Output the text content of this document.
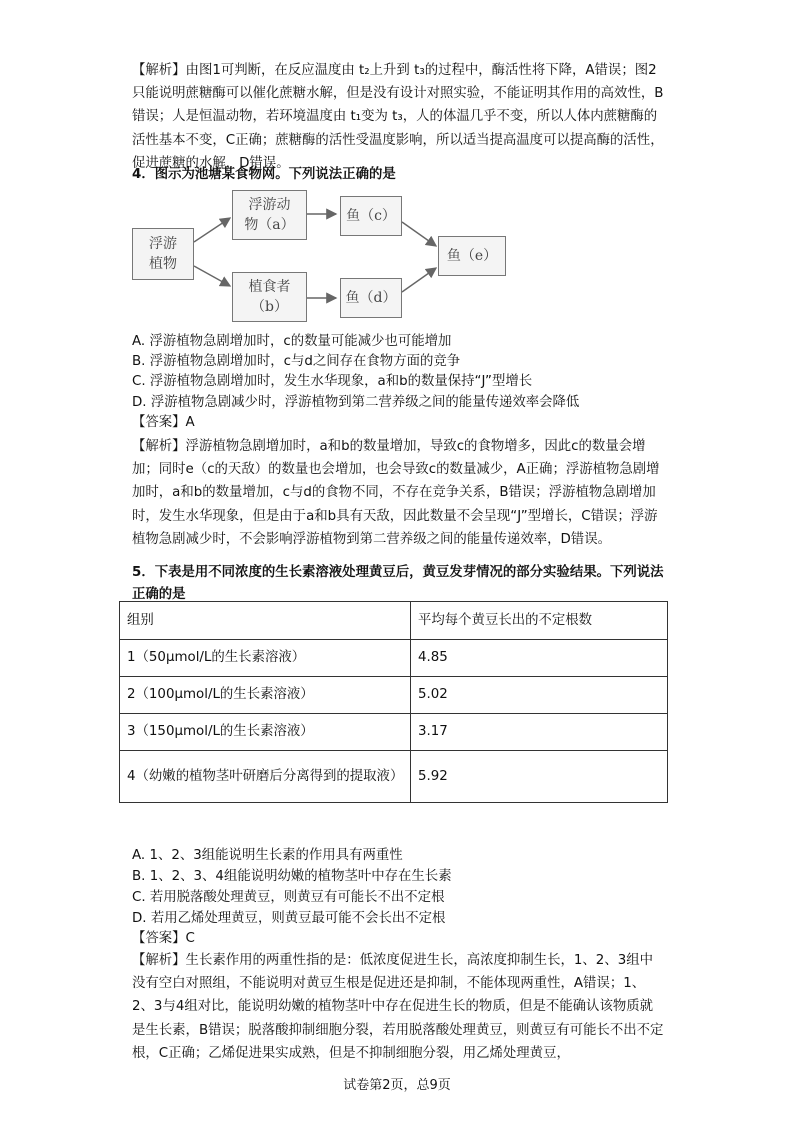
【解析】由图1可判断，在反应温度由 t₂上升到 t₃的过程中，酶活性将下降，A错误；图2只能说明蔗糖酶可以催化蔗糖水解，但是没有设计对照实验，不能证明其作用的高效性，B错误；人是恒温动物，若环境温度由 t₁变为 t₃，人的体温几乎不变，所以人体内蔗糖酶的活性基本不变，C正确；蔗糖酶的活性受温度影响，所以适当提高温度可以提高酶的活性，促进蔗糖的水解，D错误。

4．图示为池塘某食物网。下列说法正确的是
浮游
植物
浮游动
物（a）
植食者
（b）
鱼（c）
鱼（d）
鱼（e）
A. 浮游植物急剧增加时，c的数量可能减少也可能增加
B. 浮游植物急剧增加时，c与d之间存在食物方面的竞争
C. 浮游植物急剧增加时，发生水华现象，a和b的数量保持“J”型增长
D. 浮游植物急剧减少时，浮游植物到第二营养级之间的能量传递效率会降低
【答案】A

【解析】浮游植物急剧增加时，a和b的数量增加，导致c的食物增多，因此c的数量会增加；同时e（c的天敌）的数量也会增加，也会导致c的数量减少，A正确；浮游植物急剧增加时，a和b的数量增加，c与d的食物不同，不存在竞争关系，B错误；浮游植物急剧增加时，发生水华现象，但是由于a和b具有天敌，因此数量不会呈现“J”型增长，C错误；浮游植物急剧减少时，不会影响浮游植物到第二营养级之间的能量传递效率，D错误。

5．下表是用不同浓度的生长素溶液处理黄豆后，黄豆发芽情况的部分实验结果。下列说法正确的是
组别	平均每个黄豆长出的不定根数
1（50μmol/L的生长素溶液）	4.85
2（100μmol/L的生长素溶液）	5.02
3（150μmol/L的生长素溶液）	3.17
4（幼嫩的植物茎叶研磨后分离得到的提取液）	5.92
A. 1、2、3组能说明生长素的作用具有两重性
B. 1、2、3、4组能说明幼嫩的植物茎叶中存在生长素
C. 若用脱落酸处理黄豆，则黄豆有可能长不出不定根
D. 若用乙烯处理黄豆，则黄豆最可能不会长出不定根
【答案】C

【解析】生长素作用的两重性指的是：低浓度促进生长，高浓度抑制生长，1、2、3组中没有空白对照组，不能说明对黄豆生根是促进还是抑制，不能体现两重性，A错误；1、2、3与4组对比，能说明幼嫩的植物茎叶中存在促进生长的物质，但是不能确认该物质就是生长素，B错误；脱落酸抑制细胞分裂，若用脱落酸处理黄豆，则黄豆有可能长不出不定根，C正确；乙烯促进果实成熟，但是不抑制细胞分裂，用乙烯处理黄豆，

试卷第2页，总9页
